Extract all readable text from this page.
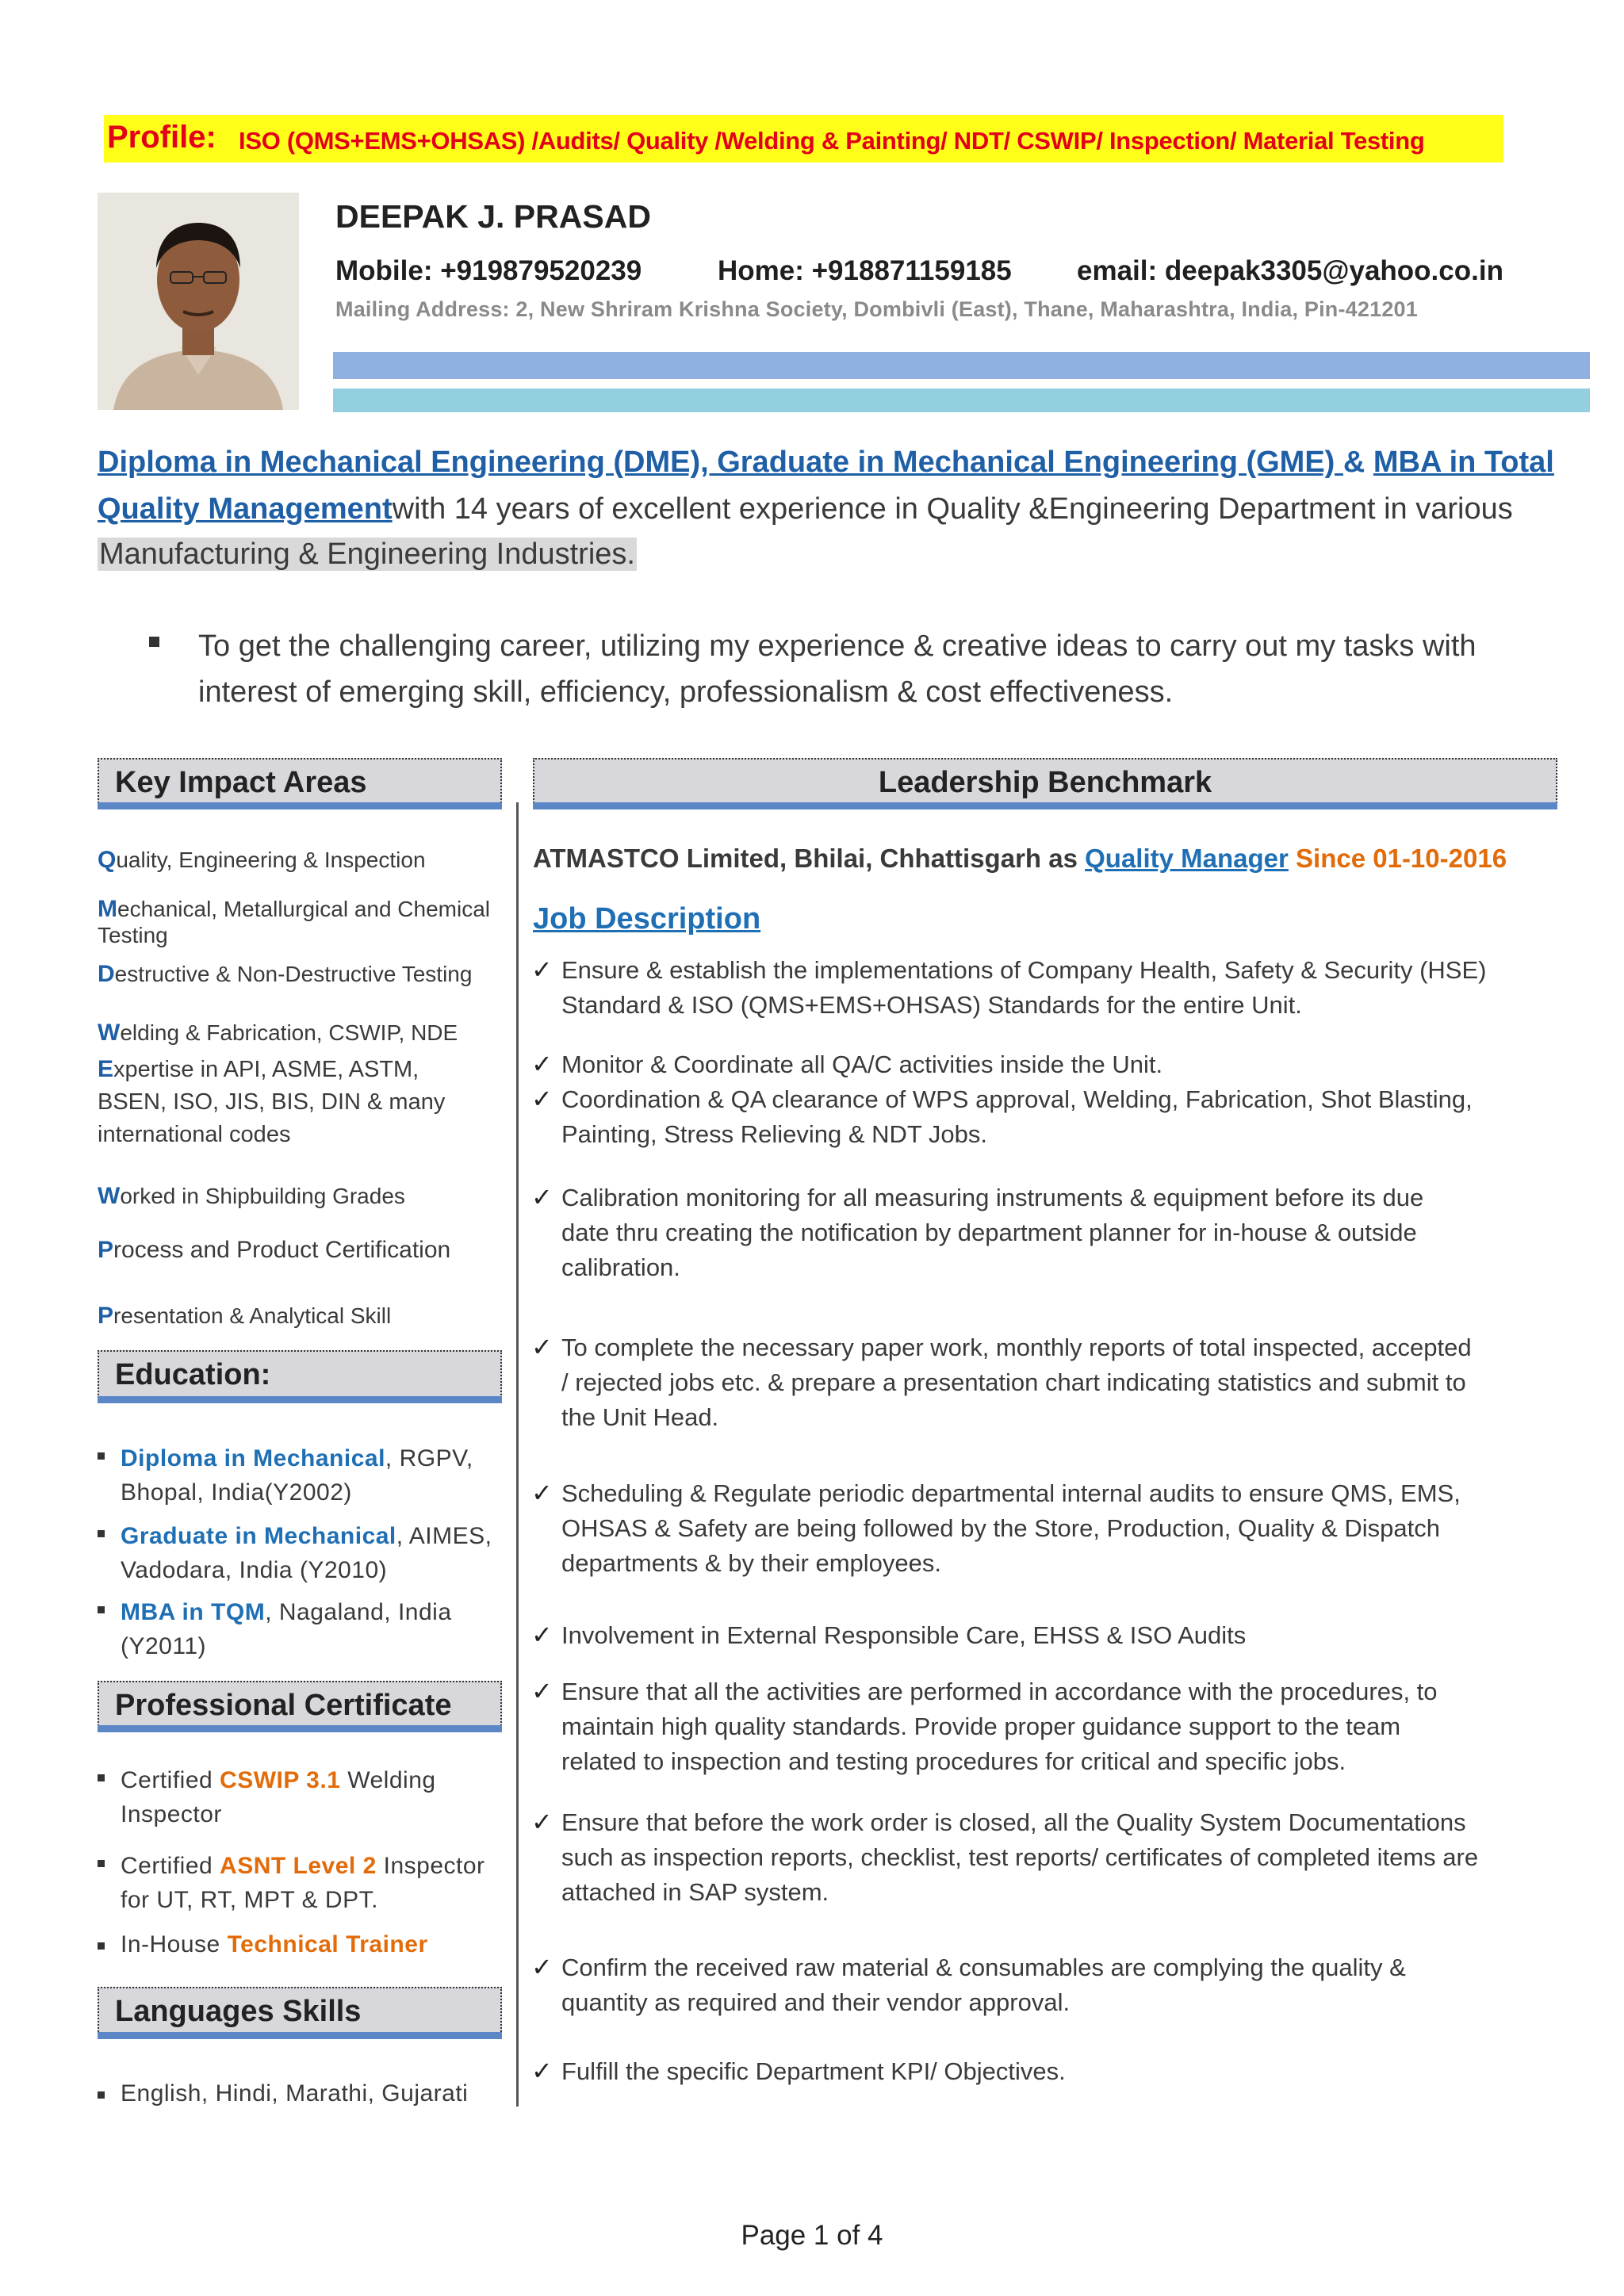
Profile: ISO (QMS+EMS+OHSAS) /Audits/ Quality /Welding & Painting/ NDT/ CSWIP/ Inspection/ Material Testing
DEEPAK J. PRASAD
Mobile: +919879520239	Home: +918871159185 email: deepak3305@yahoo.co.in
Mailing Address: 2, New Shriram Krishna Society, Dombivli (East), Thane, Maharashtra, India, Pin-421201
Diploma in Mechanical Engineering (DME), Graduate in Mechanical Engineering (GME) & MBA in Total
Quality Managementwith 14 years of excellent experience in Quality &Engineering Department in various
Manufacturing & Engineering Industries.
To get the challenging career, utilizing my experience & creative ideas to carry out my tasks with
interest of emerging skill, efficiency, professionalism & cost effectiveness.
Key Impact Areas	Leadership Benchmark
Quality, Engineering & Inspection
Mechanical, Metallurgical and Chemical
Testing
Destructive & Non-Destructive Testing
Welding & Fabrication, CSWIP, NDE
Expertise in API, ASME, ASTM,
BSEN, ISO, JIS, BIS, DIN & many
international codes
Worked in Shipbuilding Grades
Process and Product Certification
Presentation & Analytical Skill
Education:
Diploma in Mechanical, RGPV,
Bhopal, India(Y2002)
Graduate in Mechanical, AIMES,
Vadodara, India (Y2010)
MBA in TQM, Nagaland, India
(Y2011)
Professional Certificate
Certified CSWIP 3.1 Welding
Inspector
Certified ASNT Level 2 Inspector
for UT, RT, MPT & DPT.
In-House Technical Trainer
Languages Skills
English, Hindi, Marathi, Gujarati
ATMASTCO Limited, Bhilai, Chhattisgarh as Quality Manager Since 01-10-2016
Job Description
✓ Ensure & establish the implementations of Company Health, Safety & Security (HSE)
Standard & ISO (QMS+EMS+OHSAS) Standards for the entire Unit.
✓ Monitor & Coordinate all QA/C activities inside the Unit.
✓ Coordination & QA clearance of WPS approval, Welding, Fabrication, Shot Blasting,
Painting, Stress Relieving & NDT Jobs.
✓ Calibration monitoring for all measuring instruments & equipment before its due
date thru creating the notification by department planner for in-house & outside
calibration.
✓ To complete the necessary paper work, monthly reports of total inspected, accepted
/ rejected jobs etc. & prepare a presentation chart indicating statistics and submit to
the Unit Head.
✓ Scheduling & Regulate periodic departmental internal audits to ensure QMS, EMS,
OHSAS & Safety are being followed by the Store, Production, Quality & Dispatch
departments & by their employees.
✓ Involvement in External Responsible Care, EHSS & ISO Audits
✓ Ensure that all the activities are performed in accordance with the procedures, to
maintain high quality standards. Provide proper guidance support to the team
related to inspection and testing procedures for critical and specific jobs.
✓ Ensure that before the work order is closed, all the Quality System Documentations
such as inspection reports, checklist, test reports/ certificates of completed items are
attached in SAP system.
✓ Confirm the received raw material & consumables are complying the quality &
quantity as required and their vendor approval.
✓ Fulfill the specific Department KPI/ Objectives.
Page 1 of 4
